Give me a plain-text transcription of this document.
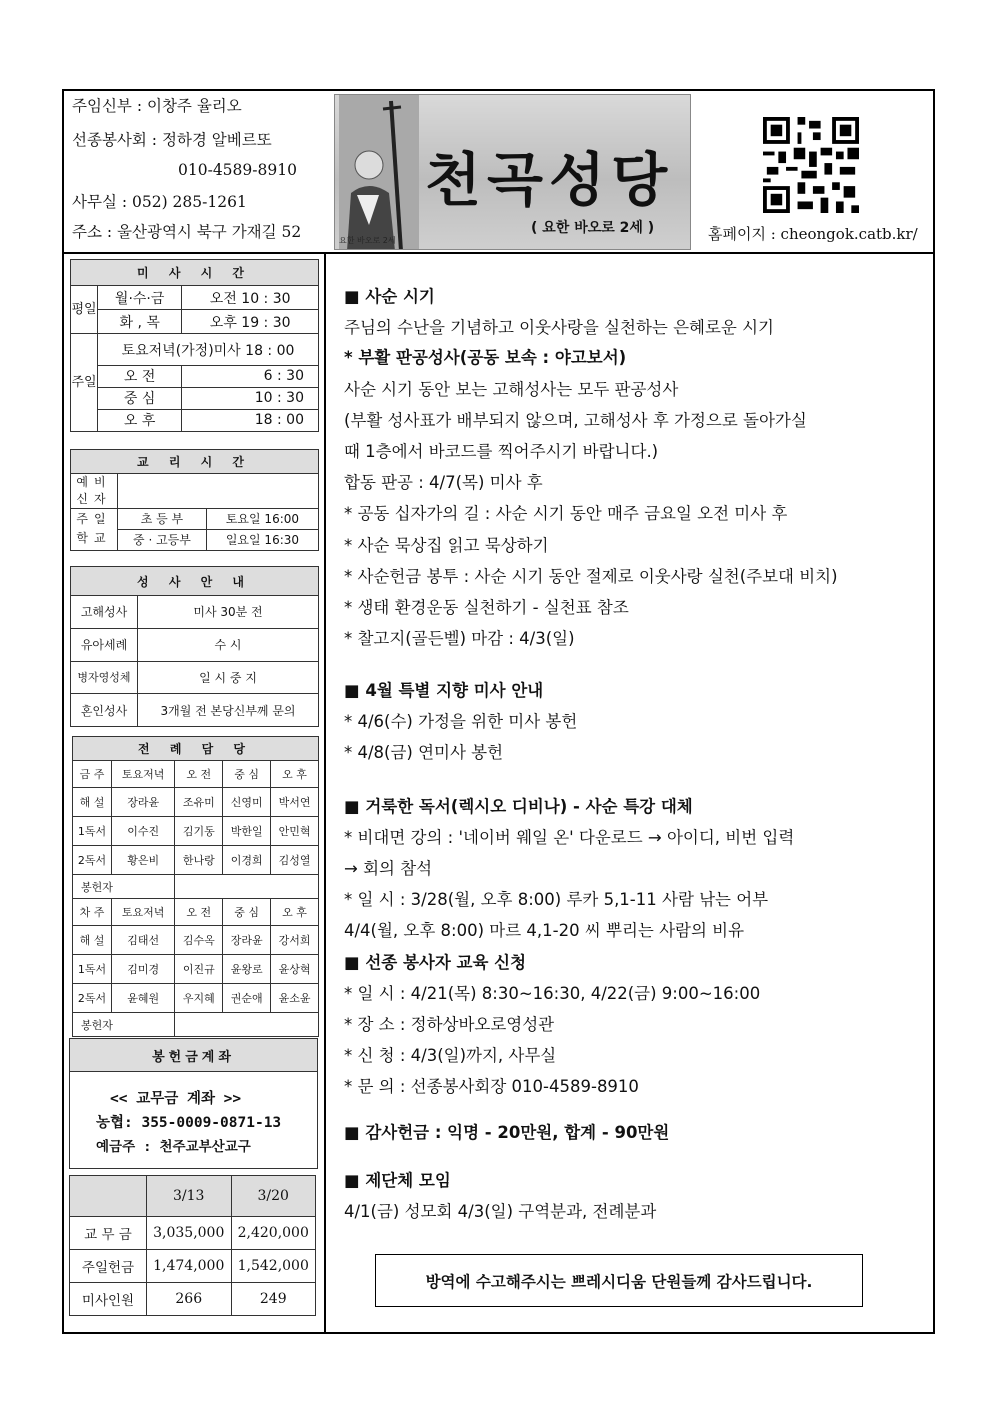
주임신부 : 이창주 율리오
선종봉사회 : 정하경 알베르또
010-4589-8910
사무실 : 052) 285-1261
주소 : 울산광역시 북구 가재길 52
천곡성당
( 요한 바오로 2세 )
요한 바오로 2세	홈페이지 : cheongok.catb.kr/
미 사 시 간		
평일	월·수·금	오전 10 : 30
	화 , 목	오후 19 : 30
주일	토요저녁(가정)미사 18 : 00	
	오 전	6 : 30
	중 심	10 : 30
	오 후	18 : 00
교 리 시 간		
예비 신자		
주일 학교	초 등 부	토요일 16:00
	중 · 고등부	일요일 16:30
성 사 안 내	
고해성사	미사 30분 전
유아세례	수 시
병자영성체	일 시 중 지
혼인성사	3개월 전 본당신부께 문의
전 례 담 당				
금 주	토요저녁	오 전	중 심	오 후
해 설	장라윤	조유미	신영미	박서연
1독서	이수진	김기동	박한일	안민혁
2독서	황은비	한나랑	이경희	김성열
봉헌자				
차 주	토요저녁	오 전	중 심	오 후
해 설	김태선	김수옥	장라윤	강서희
1독서	김미경	이진규	윤왕로	윤상혁
2독서	윤혜원	우지혜	권순애	윤소윤
봉헌자				
봉헌금계좌

<< 교무금 계좌 >>
농협: 355-0009-0871-13
예금주 : 천주교부산교구
	3/13	3/20
교 무 금	3,035,000	2,420,000
주일헌금	1,474,000	1,542,000
미사인원	266	249
■ 사순 시기
주님의 수난을 기념하고 이웃사랑을 실천하는 은혜로운 시기
* 부활 판공성사(공동 보속 : 야고보서)
사순 시기 동안 보는 고해성사는 모두 판공성사
(부활 성사표가 배부되지 않으며, 고해성사 후 가정으로 돌아가실
때 1층에서 바코드를 찍어주시기 바랍니다.)
합동 판공 : 4/7(목) 미사 후
* 공동 십자가의 길 : 사순 시기 동안 매주 금요일 오전 미사 후
* 사순 묵상집 읽고 묵상하기
* 사순헌금 봉투 : 사순 시기 동안 절제로 이웃사랑 실천(주보대 비치)
* 생태 환경운동 실천하기 - 실천표 참조
* 찰고지(골든벨) 마감 : 4/3(일)
■ 4월 특별 지향 미사 안내
* 4/6(수) 가정을 위한 미사 봉헌
* 4/8(금) 연미사 봉헌
■ 거룩한 독서(렉시오 디비나) - 사순 특강 대체
* 비대면 강의 : '네이버 웨일 온' 다운로드 → 아이디, 비번 입력
→ 회의 참석
* 일 시 : 3/28(월, 오후 8:00) 루카 5,1-11 사람 낚는 어부
4/4(월, 오후 8:00) 마르 4,1-20 씨 뿌리는 사람의 비유
■ 선종 봉사자 교육 신청
* 일 시 : 4/21(목) 8:30~16:30, 4/22(금) 9:00~16:00
* 장 소 : 정하상바오로영성관
* 신 청 : 4/3(일)까지, 사무실
* 문 의 : 선종봉사회장 010-4589-8910
■ 감사헌금 : 익명 - 20만원, 합계 - 90만원
■ 제단체 모임
4/1(금) 성모회 4/3(일) 구역분과, 전례분과
방역에 수고해주시는 쁘레시디움 단원들께 감사드립니다.
